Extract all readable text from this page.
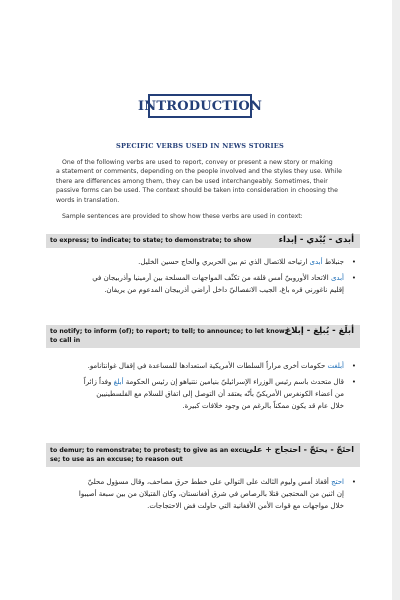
INTRODUCTION
SPECIFIC VERBS USED IN NEWS STORIES
One of the following verbs are used to report, convey or present a new story or making
a statement or comments, depending on the people involved and the styles they use. While
there are differences among them, they can be used interchangeably. Sometimes, their
passive forms can be used. The context should be taken into consideration in choosing the
words in translation.
Sample sentences are provided to show how these verbs are used in context:
to express; to indicate; to state; to demonstrate; to show	أبدى - يُبْدي - إبداء
•
جنبلاط أبدى ارتياحه للاتصال الذي تم بين الحريري والحاج حسين الخليل.
•
أبدى الاتحاد الأوروبيّ أمس قلقه من تكثّف المواجهات المسلحة بين أرمينيا وأذربيجان في
إقليم ناغورني قره باغ، الجيب الانفصاليّ داخل أراضي أذربيجان المدعوم من يريفان.
to notify; to inform (of); to report; to tell; to announce; to let know;
to call in
أبلَغ - يُبلِغ - إبلاغ
•
أبلغت حكومات أخرى مراراً السلطات الأمريكية استعدادها للمساعدة في إقفال غوانتانامو.
•
قال متحدث باسم رئيس الوزراء الإسرائيليّ بنيامين نتنياهو إن رئيس الحكومة أبلغ وفداً زائراً
من أعضاء الكونغرس الأمريكيّ بأنّه يعتقد أن التوصل إلى اتفاق للسلام مع الفلسطينيين
خلال عام قد يكون ممكناً بالرغم من وجود خلافات كبيرة.
to demur; to remonstrate; to protest; to give as an excu-
se; to use as an excuse; to reason out
احتَجّ - يحتَجّ - احتجاج + على
•
احتج أقغاذ أمس وليوم الثالث على التوالي على خطط حرق مصاحف، وقال مسؤول محليّ
إن اثنين من المحتجين قتلا بالرصاص في شرق أفغانستان، وكان القتيلان من بين سبعة أصيبوا
خلال مواجهات مع قوات الأمن الأفغانية التي حاولت فض الاحتجاجات.
